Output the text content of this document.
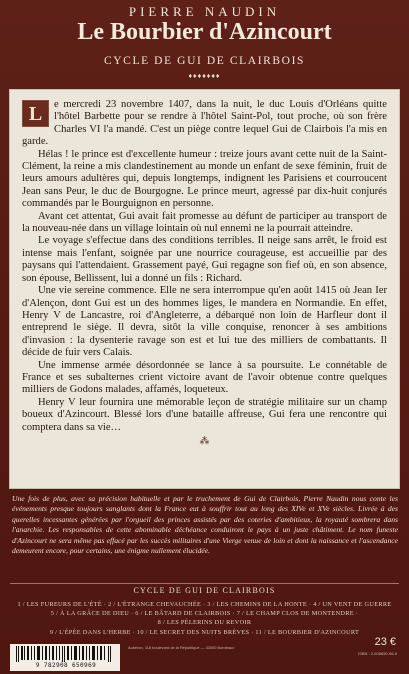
PIERRE NAUDIN
Le Bourbier d'Azincourt
CYCLE DE GUI DE CLAIRBOIS
♦♦♦♦♦♦♦

L	e mercredi 23 novembre 1407, dans la nuit, le duc Louis d'Orléans quitte l'hôtel Barbette pour se rendre à l'hôtel Saint-Pol, tout proche, où son frère Charles VI l'a mandé. C'est un piège contre lequel Gui de Clairbois l'a mis en garde.

Hélas ! le prince est d'excellente humeur : treize jours avant cette nuit de la Saint-Clément, la reine a mis clandestinement au monde un enfant de sexe féminin, fruit de leurs amours adultères qui, depuis longtemps, indignent les Parisiens et courroucent Jean sans Peur, le duc de Bourgogne. Le prince meurt, agressé par dix-huit conjurés commandés par le Bourguignon en personne.

Avant cet attentat, Gui avait fait promesse au défunt de participer au transport de la nouveau-née dans un village lointain où nul ennemi ne la pourrait atteindre.

Le voyage s'effectue dans des conditions terribles. Il neige sans arrêt, le froid est intense mais l'enfant, soignée par une nourrice courageuse, est accueillie par des paysans qui l'attendaient. Grassement payé, Gui regagne son fief où, en son absence, son épouse, Bellissent, lui a donné un fils : Richard.

Une vie sereine commence. Elle ne sera interrompue qu'en août 1415 où Jean Ier d'Alençon, dont Gui est un des hommes liges, le mandera en Normandie. En effet, Henry V de Lancastre, roi d'Angleterre, a débarqué non loin de Harfleur dont il entreprend le siège. Il devra, sitôt la ville conquise, renoncer à ses ambitions d'invasion : la dysenterie ravage son est et lui tue des milliers de combattants. Il décide de fuir vers Calais.

Une immense armée désordonnée se lance à sa poursuite. Le connétable de France et ses subalternes crient victoire avant de l'avoir obtenue contre quelques milliers de Godons malades, affamés, loqueteux.

Henry V leur fournira une mémorable leçon de stratégie militaire sur un champ boueux d'Azincourt. Blessé lors d'une bataille affreuse, Gui fera une rencontre qui comptera dans sa vie…

⁂
Une fois de plus, avec sa précision habituelle et par le truchement de Gui de Clairbois, Pierre Naudin nous conte les événements presque toujours sanglants dont la France eut à souffrir tout au long des XIVe et XVe siècles. Livrée à des querelles incessantes générées par l'orgueil des princes assistés par des coteries d'ambitieux, la royauté sombrera dans l'anarchie. Les responsables de cette abominable déchéance conduiront le pays à un juste châtiment. Le nom funeste d'Azincourt ne sera même pas effacé par les succès militaires d'une Vierge venue de loin et dont la naissance et l'ascendance demeurent encore, pour certains, une énigme nullement élucidée.
CYCLE DE GUI DE CLAIRBOIS
1 / LES FUREURS DE L'ÉTÉ · 2 / L'ÉTRANGE CHEVAUCHÉE · 3 / LES CHEMINS DE LA HONTE · 4 / UN VENT DE GUERRE
5 / À LA GRÂCE DE DIEU · 6 / LE BÂTARD DE CLAIRBOIS · 7 / LE CHAMP CLOS DE MONTENDRE · 8 / LES PÈLERINS DU REVOIR
9 / L'ÉPÉE DANS L'HERBE · 10 / LE SECRET DES NUITS BRÈVES · 11 / LE BOURBIER D'AZINCOURT
9 782908 650969
Aubéron, 118 boulevard de la République — 33000 Bordeaux	23 €
ISBN : 2-908650-96-9
